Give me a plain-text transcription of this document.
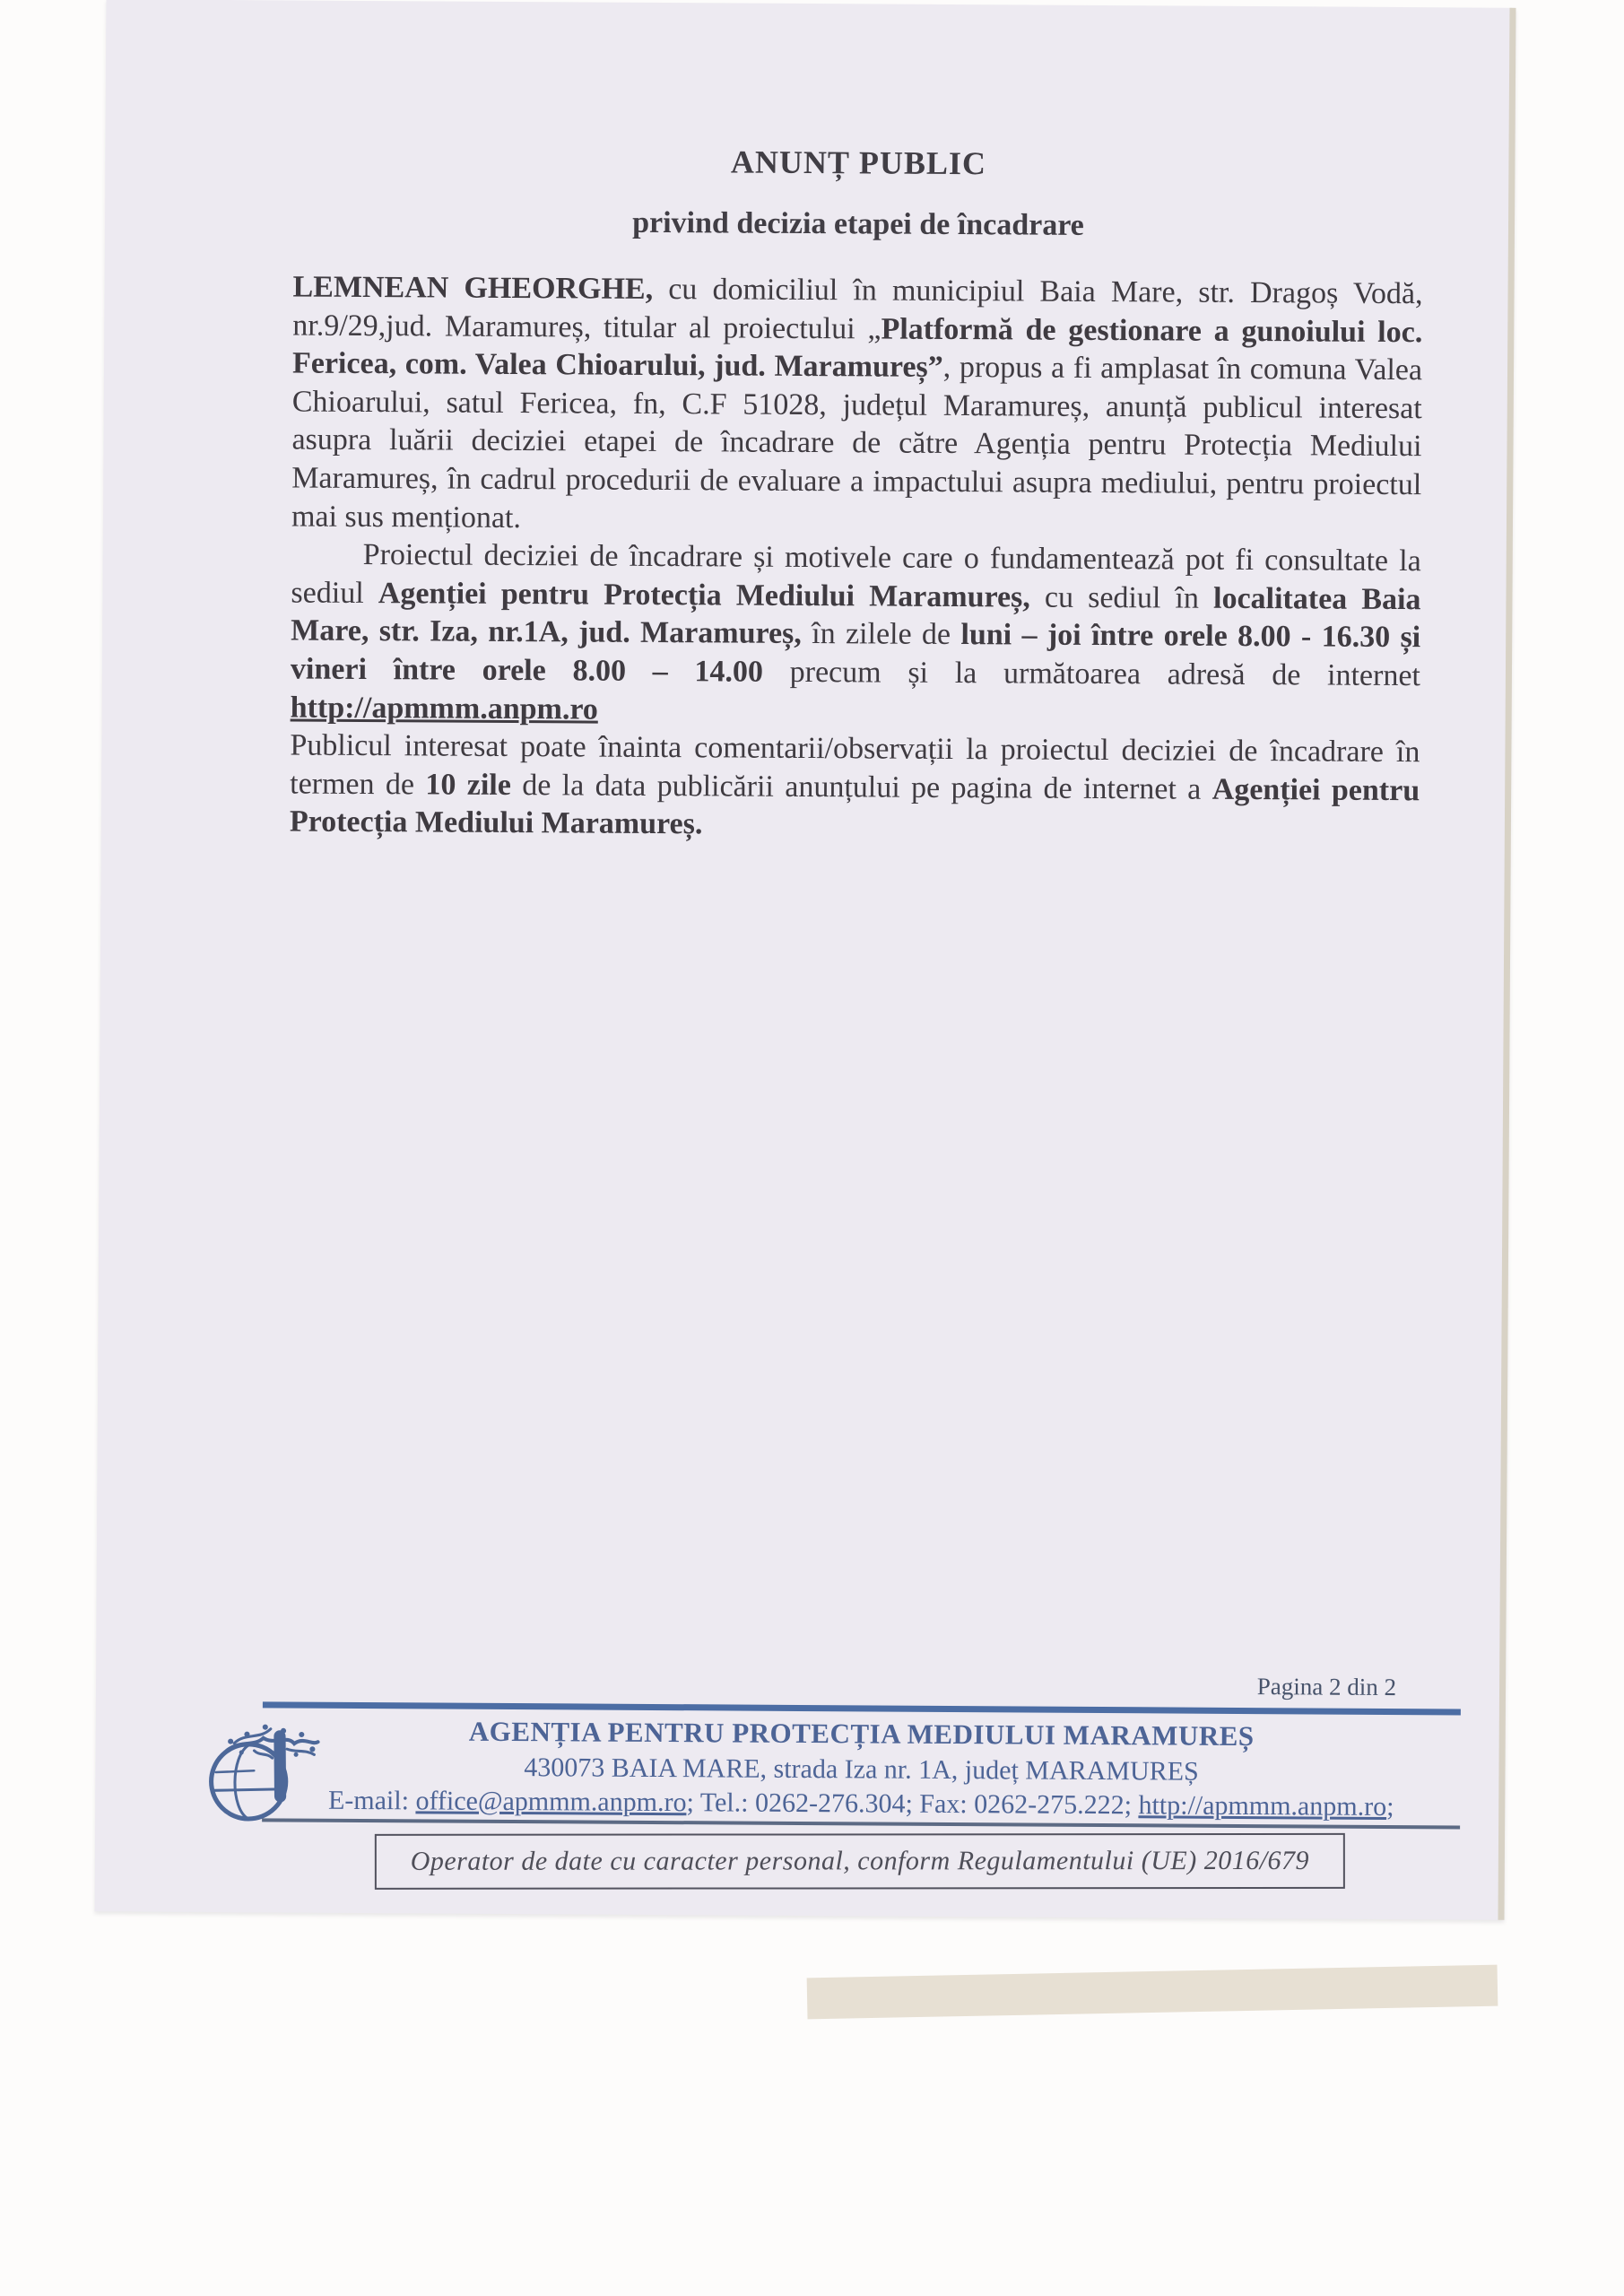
ANUNȚ PUBLIC
privind decizia etapei de încadrare

LEMNEAN GHEORGHE, cu domiciliul în municipiul Baia Mare, str. Dragoș Vodă, nr.9/29,jud. Maramureș, titular al proiectului „Platformă de gestionare a gunoiului loc. Fericea, com. Valea Chioarului, jud. Maramureș”, propus a fi amplasat în comuna Valea Chioarului, satul Fericea, fn, C.F 51028, județul Maramureș, anunță publicul interesat asupra luării deciziei etapei de încadrare de către Agenția pentru Protecția Mediului Maramureș, în cadrul procedurii de evaluare a impactului asupra mediului, pentru proiectul mai sus menționat.

Proiectul deciziei de încadrare și motivele care o fundamentează pot fi consultate la sediul Agenției pentru Protecția Mediului Maramureș, cu sediul în localitatea Baia Mare, str. Iza, nr.1A, jud. Maramureș, în zilele de luni – joi între orele 8.00 - 16.30 și vineri între orele 8.00 – 14.00 precum și la următoarea adresă de internet http://apmmm.anpm.ro

Publicul interesat poate înainta comentarii/observații la proiectul deciziei de încadrare în termen de 10 zile de la data publicării anunțului pe pagina de internet a Agenției pentru Protecția Mediului Maramureș.

Pagina 2 din 2
AGENȚIA PENTRU PROTECȚIA MEDIULUI MARAMUREȘ
430073 BAIA MARE, strada Iza nr. 1A, județ MARAMUREȘ
E-mail: office@apmmm.anpm.ro; Tel.: 0262-276.304; Fax: 0262-275.222; http://apmmm.anpm.ro;
Operator de date cu caracter personal, conform Regulamentului (UE) 2016/679
